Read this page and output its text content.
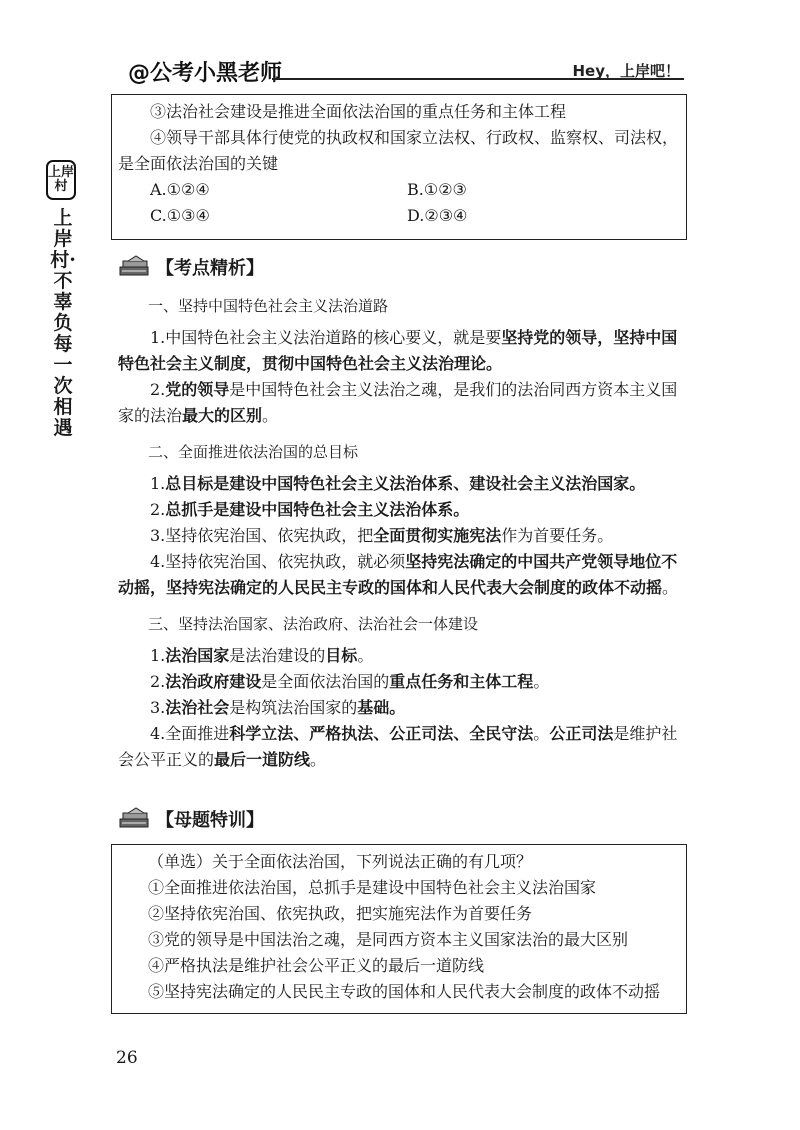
@公考小黑老师	Hey，上岸吧！
上岸
村
上岸村·不辜负每一次相遇

③法治社会建设是推进全面依法治国的重点任务和主体工程

④领导干部具体行使党的执政权和国家立法权、行政权、监察权、司法权，

是全面依法治国的关键

A.①②④	B.①②③
C.①③④	D.②③④
【考点精析】

一、坚持中国特色社会主义法治道路

1.中国特色社会主义法治道路的核心要义，就是要坚持党的领导，坚持中国特色社会主义制度，贯彻中国特色社会主义法治理论。

2.党的领导是中国特色社会主义法治之魂，是我们的法治同西方资本主义国家的法治最大的区别。

二、全面推进依法治国的总目标

1.总目标是建设中国特色社会主义法治体系、建设社会主义法治国家。

2.总抓手是建设中国特色社会主义法治体系。

3.坚持依宪治国、依宪执政，把全面贯彻实施宪法作为首要任务。

4.坚持依宪治国、依宪执政，就必须坚持宪法确定的中国共产党领导地位不动摇，坚持宪法确定的人民民主专政的国体和人民代表大会制度的政体不动摇。

三、坚持法治国家、法治政府、法治社会一体建设

1.法治国家是法治建设的目标。

2.法治政府建设是全面依法治国的重点任务和主体工程。

3.法治社会是构筑法治国家的基础。

4.全面推进科学立法、严格执法、公正司法、全民守法。公正司法是维护社会公平正义的最后一道防线。

【母题特训】

（单选）关于全面依法治国，下列说法正确的有几项？

①全面推进依法治国，总抓手是建设中国特色社会主义法治国家

②坚持依宪治国、依宪执政，把实施宪法作为首要任务

③党的领导是中国法治之魂，是同西方资本主义国家法治的最大区别

④严格执法是维护社会公平正义的最后一道防线

⑤坚持宪法确定的人民民主专政的国体和人民代表大会制度的政体不动摇

26
